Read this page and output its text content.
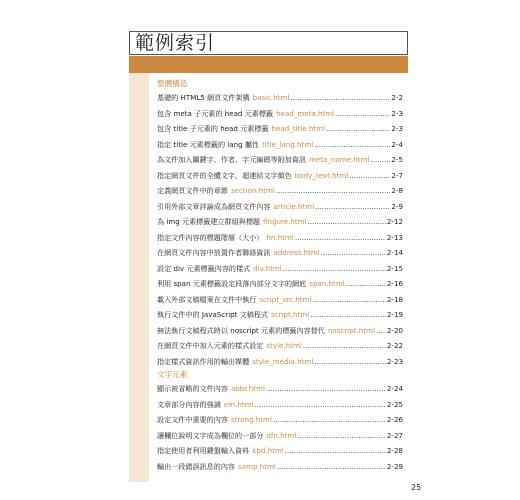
範例索引
整體構造
基礎的 HTML5 網頁文件架構 basic.html .....	2-2
包含 meta 子元素的 head 元素標籤 head_meta.html .....	2-3
包含 title 子元素的 head 元素標籤 head_title.html .....	2-3
指定 title 元素標籤的 lang 屬性 title_lang.html .....	2-4
為文件加入關鍵字、作者、字元編碼等附加資訊 meta_name.html .....	2-5
指定網頁文件的全體文字、超連結文字顏色 body_text.html .....	2-7
定義網頁文件中的章節 section.html .....	2-8
引用外部文章評論成為網頁文件內容 article.html .....	2-9
為 img 元素標籤建立群組與標題 fingure.html .....	2-12
指定文件內容的標題階層（大小） hn.html .....	2-13
在網頁文件內容中放置作者聯絡資訊 address.html .....	2-14
設定 div 元素標籤內容的樣式 div.html .....	2-15
利用 span 元素標籤設定段落內部分文字的網底 span.html .....	2-16
載入外部文稿檔案在文件中執行 script_src.html .....	2-18
執行文件中的 JavaScript 文稿程式 script.html .....	2-19
無法執行文稿程式時以 noscript 元素的標籤內容替代 noscript.html ..... 2-20
在網頁文件中加入元素的樣式設定 style.html .....	2-22
指定樣式資訊作用的輸出媒體 style_media.html .....	2-23
文字元素
顯示被省略的文件內容 abbr.html .....	2-24
文章部分內容的強調 em.html .....	2-25
設定文件中重要的內容 strong.html .....	2-26
讓欄位說明文字成為欄位的一部分 dfn.html .....	2-27
指定使用者利用鍵盤輸入資料 kbd.html .....	2-28
輸出一段錯誤訊息的內容 samp.html .....	2-29
25
